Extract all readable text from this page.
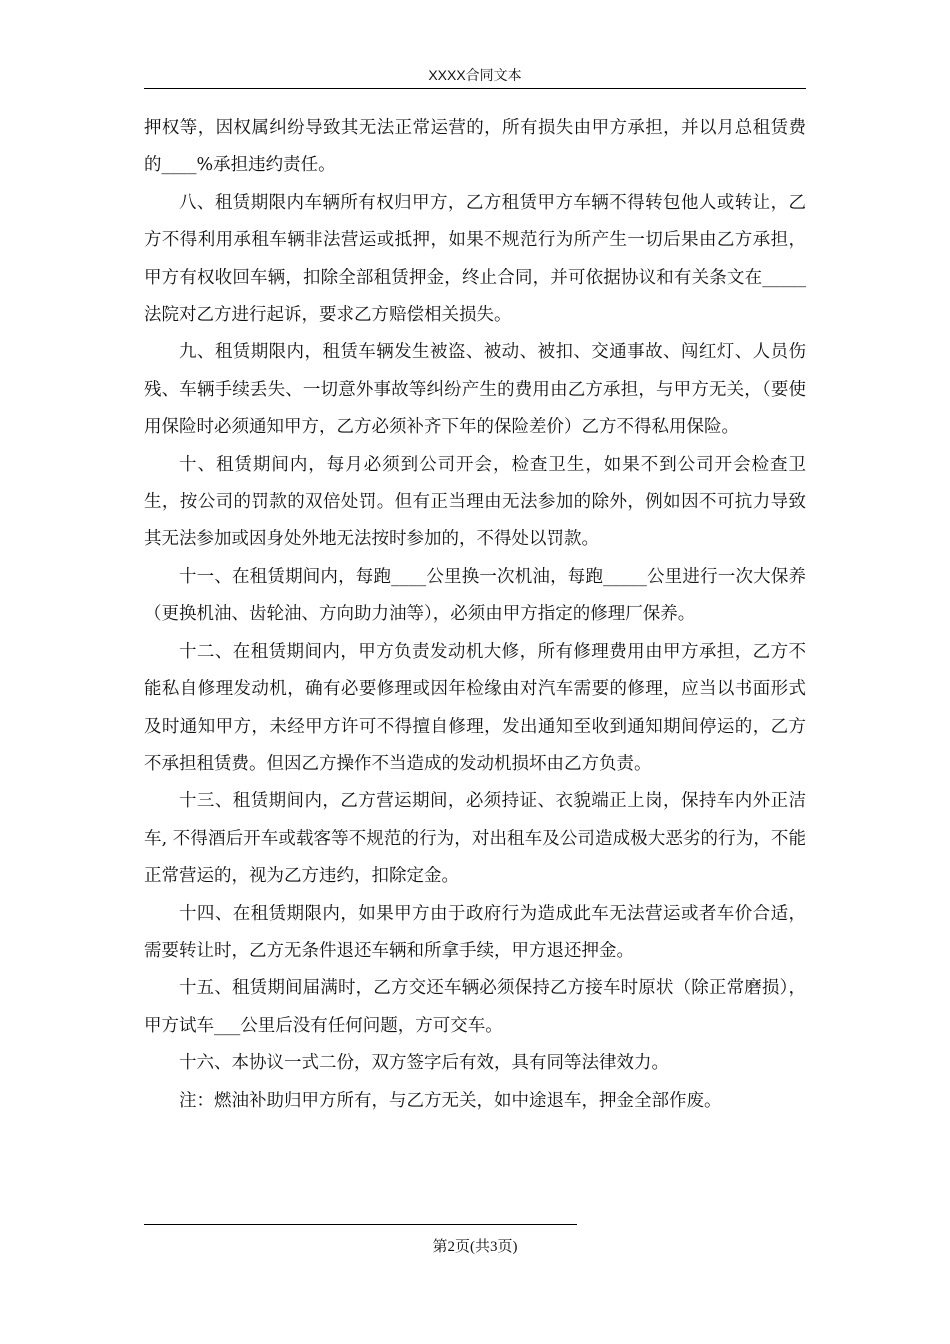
XXXX合同文本

押权等，因权属纠纷导致其无法正常运营的，所有损失由甲方承担，并以月总租赁费的____%承担违约责任。

八、租赁期限内车辆所有权归甲方，乙方租赁甲方车辆不得转包他人或转让，乙方不得利用承租车辆非法营运或抵押，如果不规范行为所产生一切后果由乙方承担，甲方有权收回车辆，扣除全部租赁押金，终止合同，并可依据协议和有关条文在_____法院对乙方进行起诉，要求乙方赔偿相关损失。

九、租赁期限内，租赁车辆发生被盗、被动、被扣、交通事故、闯红灯、人员伤残、车辆手续丢失、一切意外事故等纠纷产生的费用由乙方承担，与甲方无关，（要使用保险时必须通知甲方，乙方必须补齐下年的保险差价）乙方不得私用保险。

十、租赁期间内，每月必须到公司开会，检查卫生，如果不到公司开会检查卫生，按公司的罚款的双倍处罚。但有正当理由无法参加的除外，例如因不可抗力导致其无法参加或因身处外地无法按时参加的，不得处以罚款。

十一、在租赁期间内，每跑____公里换一次机油，每跑_____公里进行一次大保养（更换机油、齿轮油、方向助力油等），必须由甲方指定的修理厂保养。

十二、在租赁期间内，甲方负责发动机大修，所有修理费用由甲方承担，乙方不能私自修理发动机，确有必要修理或因年检缘由对汽车需要的修理，应当以书面形式及时通知甲方，未经甲方许可不得擅自修理，发出通知至收到通知期间停运的，乙方不承担租赁费。但因乙方操作不当造成的发动机损坏由乙方负责。

十三、租赁期间内，乙方营运期间，必须持证、衣貌端正上岗，保持车内外正洁车, 不得酒后开车或载客等不规范的行为，对出租车及公司造成极大恶劣的行为，不能正常营运的，视为乙方违约，扣除定金。

十四、在租赁期限内，如果甲方由于政府行为造成此车无法营运或者车价合适，需要转让时，乙方无条件退还车辆和所拿手续，甲方退还押金。

十五、租赁期间届满时，乙方交还车辆必须保持乙方接车时原状（除正常磨损），甲方试车___公里后没有任何问题，方可交车。

十六、本协议一式二份，双方签字后有效，具有同等法律效力。

注：燃油补助归甲方所有，与乙方无关，如中途退车，押金全部作废。

第2页(共3页)
